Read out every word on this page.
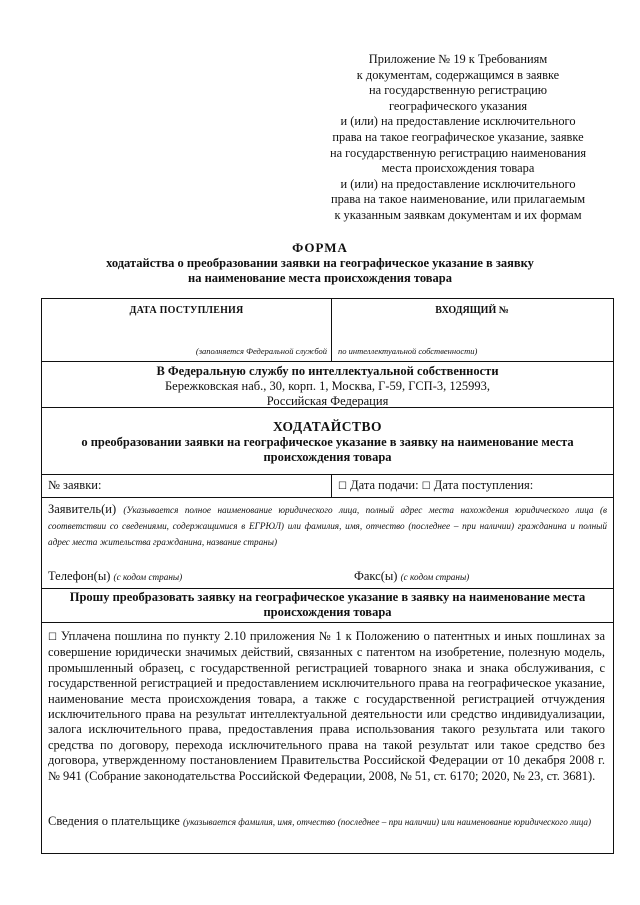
Приложение № 19 к Требованиям
к документам, содержащимся в заявке
на государственную регистрацию
географического указания
и (или) на предоставление исключительного
права на такое географическое указание, заявке
на государственную регистрацию наименования
места происхождения товара
и (или) на предоставление исключительного
права на такое наименование, или прилагаемым
к указанным заявкам документам и их формам
ФОРМА
ходатайства о преобразовании заявки на географическое указание в заявку
на наименование места происхождения товара
ДАТА ПОСТУПЛЕНИЯ
(заполняется Федеральной службой
ВХОДЯЩИЙ №
по интеллектуальной собственности)
В Федеральную службу по интеллектуальной собственности
Бережковская наб., 30, корп. 1, Москва, Г-59, ГСП-3, 125993,
Российская Федерация
ХОДАТАЙСТВО
о преобразовании заявки на географическое указание в заявку на наименование места
происхождения товара
№ заявки:	☐ Дата подачи: ☐ Дата поступления:
Заявитель(и) (Указывается полное наименование юридического лица, полный адрес места нахождения юридического лица (в соответствии со сведениями, содержащимися в ЕГРЮЛ) или фамилия, имя, отчество (последнее – при наличии) гражданина и полный адрес места жительства гражданина, название страны)
Телефон(ы) (с кодом страны)	Факс(ы) (с кодом страны)
Прошу преобразовать заявку на географическое указание в заявку на наименование места
происхождения товара
☐ Уплачена пошлина по пункту 2.10 приложения № 1 к Положению о патентных и иных пошлинах за совершение юридически значимых действий, связанных с патентом на изобретение, полезную модель, промышленный образец, с государственной регистрацией товарного знака и знака обслуживания, с государственной регистрацией и предоставлением исключительного права на географическое указание, наименование места происхождения товара, а также с государственной регистрацией отчуждения исключительного права на результат интеллектуальной деятельности или средство индивидуализации, залога исключительного права, предоставления права использования такого результата или такого средства по договору, перехода исключительного права на такой результат или такое средство без договора, утвержденному постановлением Правительства Российской Федерации от 10 декабря 2008 г. № 941 (Собрание законодательства Российской Федерации, 2008, № 51, ст. 6170; 2020, № 23, ст. 3681).
Сведения о плательщике (указывается фамилия, имя, отчество (последнее – при наличии) или наименование юридического лица)
